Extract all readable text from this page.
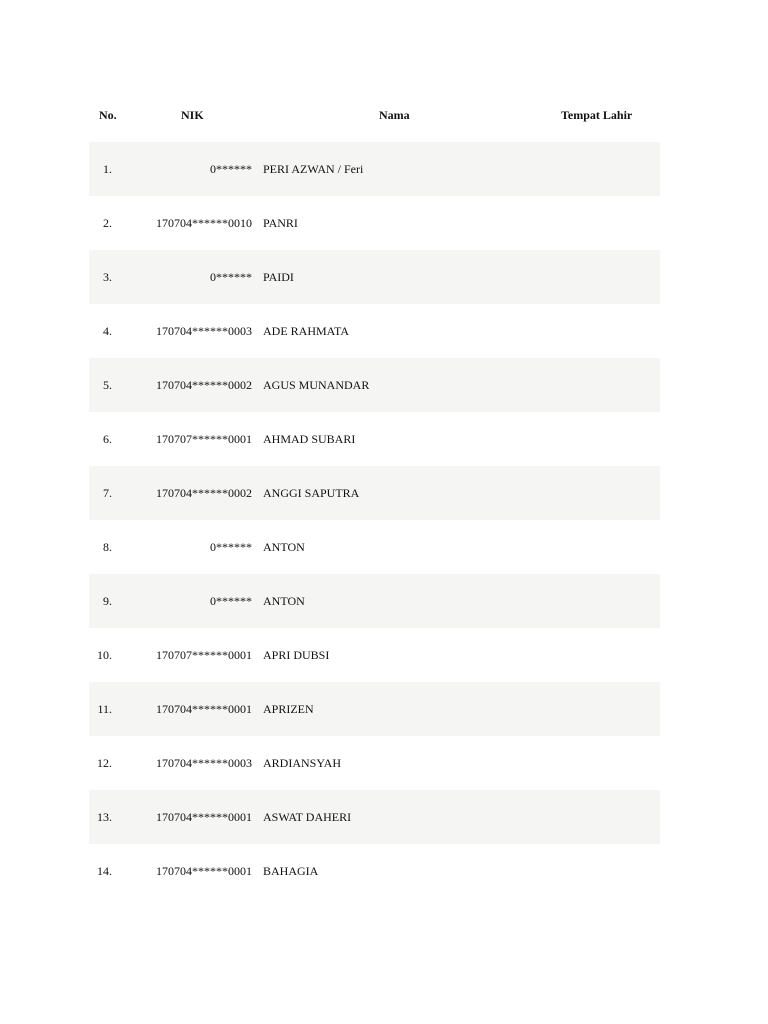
No.	NIK	Nama	Tempat Lahir
1.	0****** PERI AZWAN / Feri
2.	170704******0010 PANRI
3.	0****** PAIDI
4.	170704******0003 ADE RAHMATA
5.	170704******0002 AGUS MUNANDAR
6.	170707******0001 AHMAD SUBARI
7.	170704******0002 ANGGI SAPUTRA
8.	0****** ANTON
9.	0****** ANTON
10.	170707******0001 APRI DUBSI
11.	170704******0001 APRIZEN
12.	170704******0003 ARDIANSYAH
13.	170704******0001 ASWAT DAHERI
14.	170704******0001 BAHAGIA
